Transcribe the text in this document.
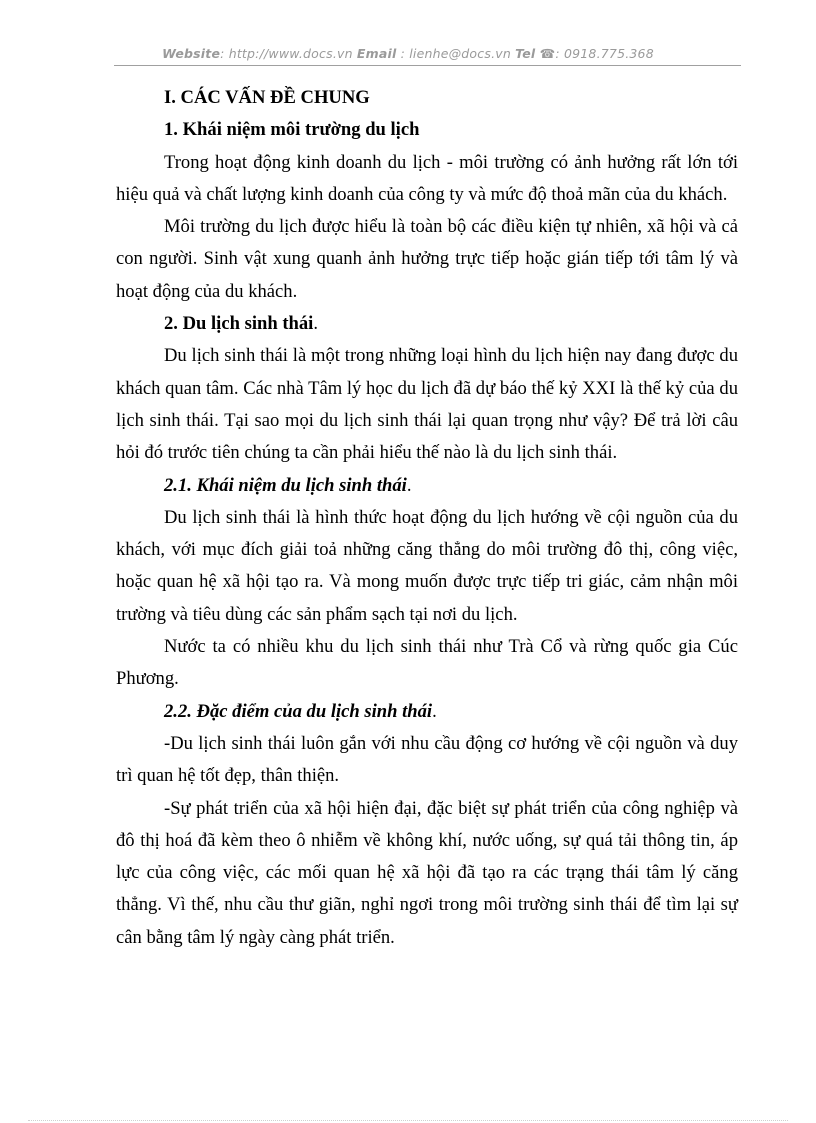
Website: http://www.docs.vn Email : lienhe@docs.vn Tel ☎: 0918.775.368

I. CÁC VẤN ĐỀ CHUNG

1. Khái niệm môi trường du lịch

Trong hoạt động kinh doanh du lịch - môi trường có ảnh hưởng rất lớn tới hiệu quả và chất lượng kinh doanh của công ty và mức độ thoả mãn của du khách.

Môi trường du lịch được hiểu là toàn bộ các điều kiện tự nhiên, xã hội và cả con người. Sinh vật xung quanh ảnh hưởng trực tiếp hoặc gián tiếp tới tâm lý và hoạt động của du khách.

2. Du lịch sinh thái.

Du lịch sinh thái là một trong những loại hình du lịch hiện nay đang được du khách quan tâm. Các nhà Tâm lý học du lịch đã dự báo thế kỷ XXI là thế kỷ của du lịch sinh thái. Tại sao mọi du lịch sinh thái lại quan trọng như vậy? Để trả lời câu hỏi đó trước tiên chúng ta cần phải hiểu thế nào là du lịch sinh thái.

2.1. Khái niệm du lịch sinh thái.

Du lịch sinh thái là hình thức hoạt động du lịch hướng về cội nguồn của du khách, với mục đích giải toả những căng thẳng do môi trường đô thị, công việc, hoặc quan hệ xã hội tạo ra. Và mong muốn được trực tiếp tri giác, cảm nhận môi trường và tiêu dùng các sản phẩm sạch tại nơi du lịch.

Nước ta có nhiều khu du lịch sinh thái như Trà Cổ và rừng quốc gia Cúc Phương.

2.2. Đặc điểm của du lịch sinh thái.

-Du lịch sinh thái luôn gắn với nhu cầu động cơ hướng về cội nguồn và duy trì quan hệ tốt đẹp, thân thiện.

-Sự phát triển của xã hội hiện đại, đặc biệt sự phát triển của công nghiệp và đô thị hoá đã kèm theo ô nhiễm về không khí, nước uống, sự quá tải thông tin, áp lực của công việc, các mối quan hệ xã hội đã tạo ra các trạng thái tâm lý căng thẳng. Vì thế, nhu cầu thư giãn, nghỉ ngơi trong môi trường sinh thái để tìm lại sự cân bằng tâm lý ngày càng phát triển.
